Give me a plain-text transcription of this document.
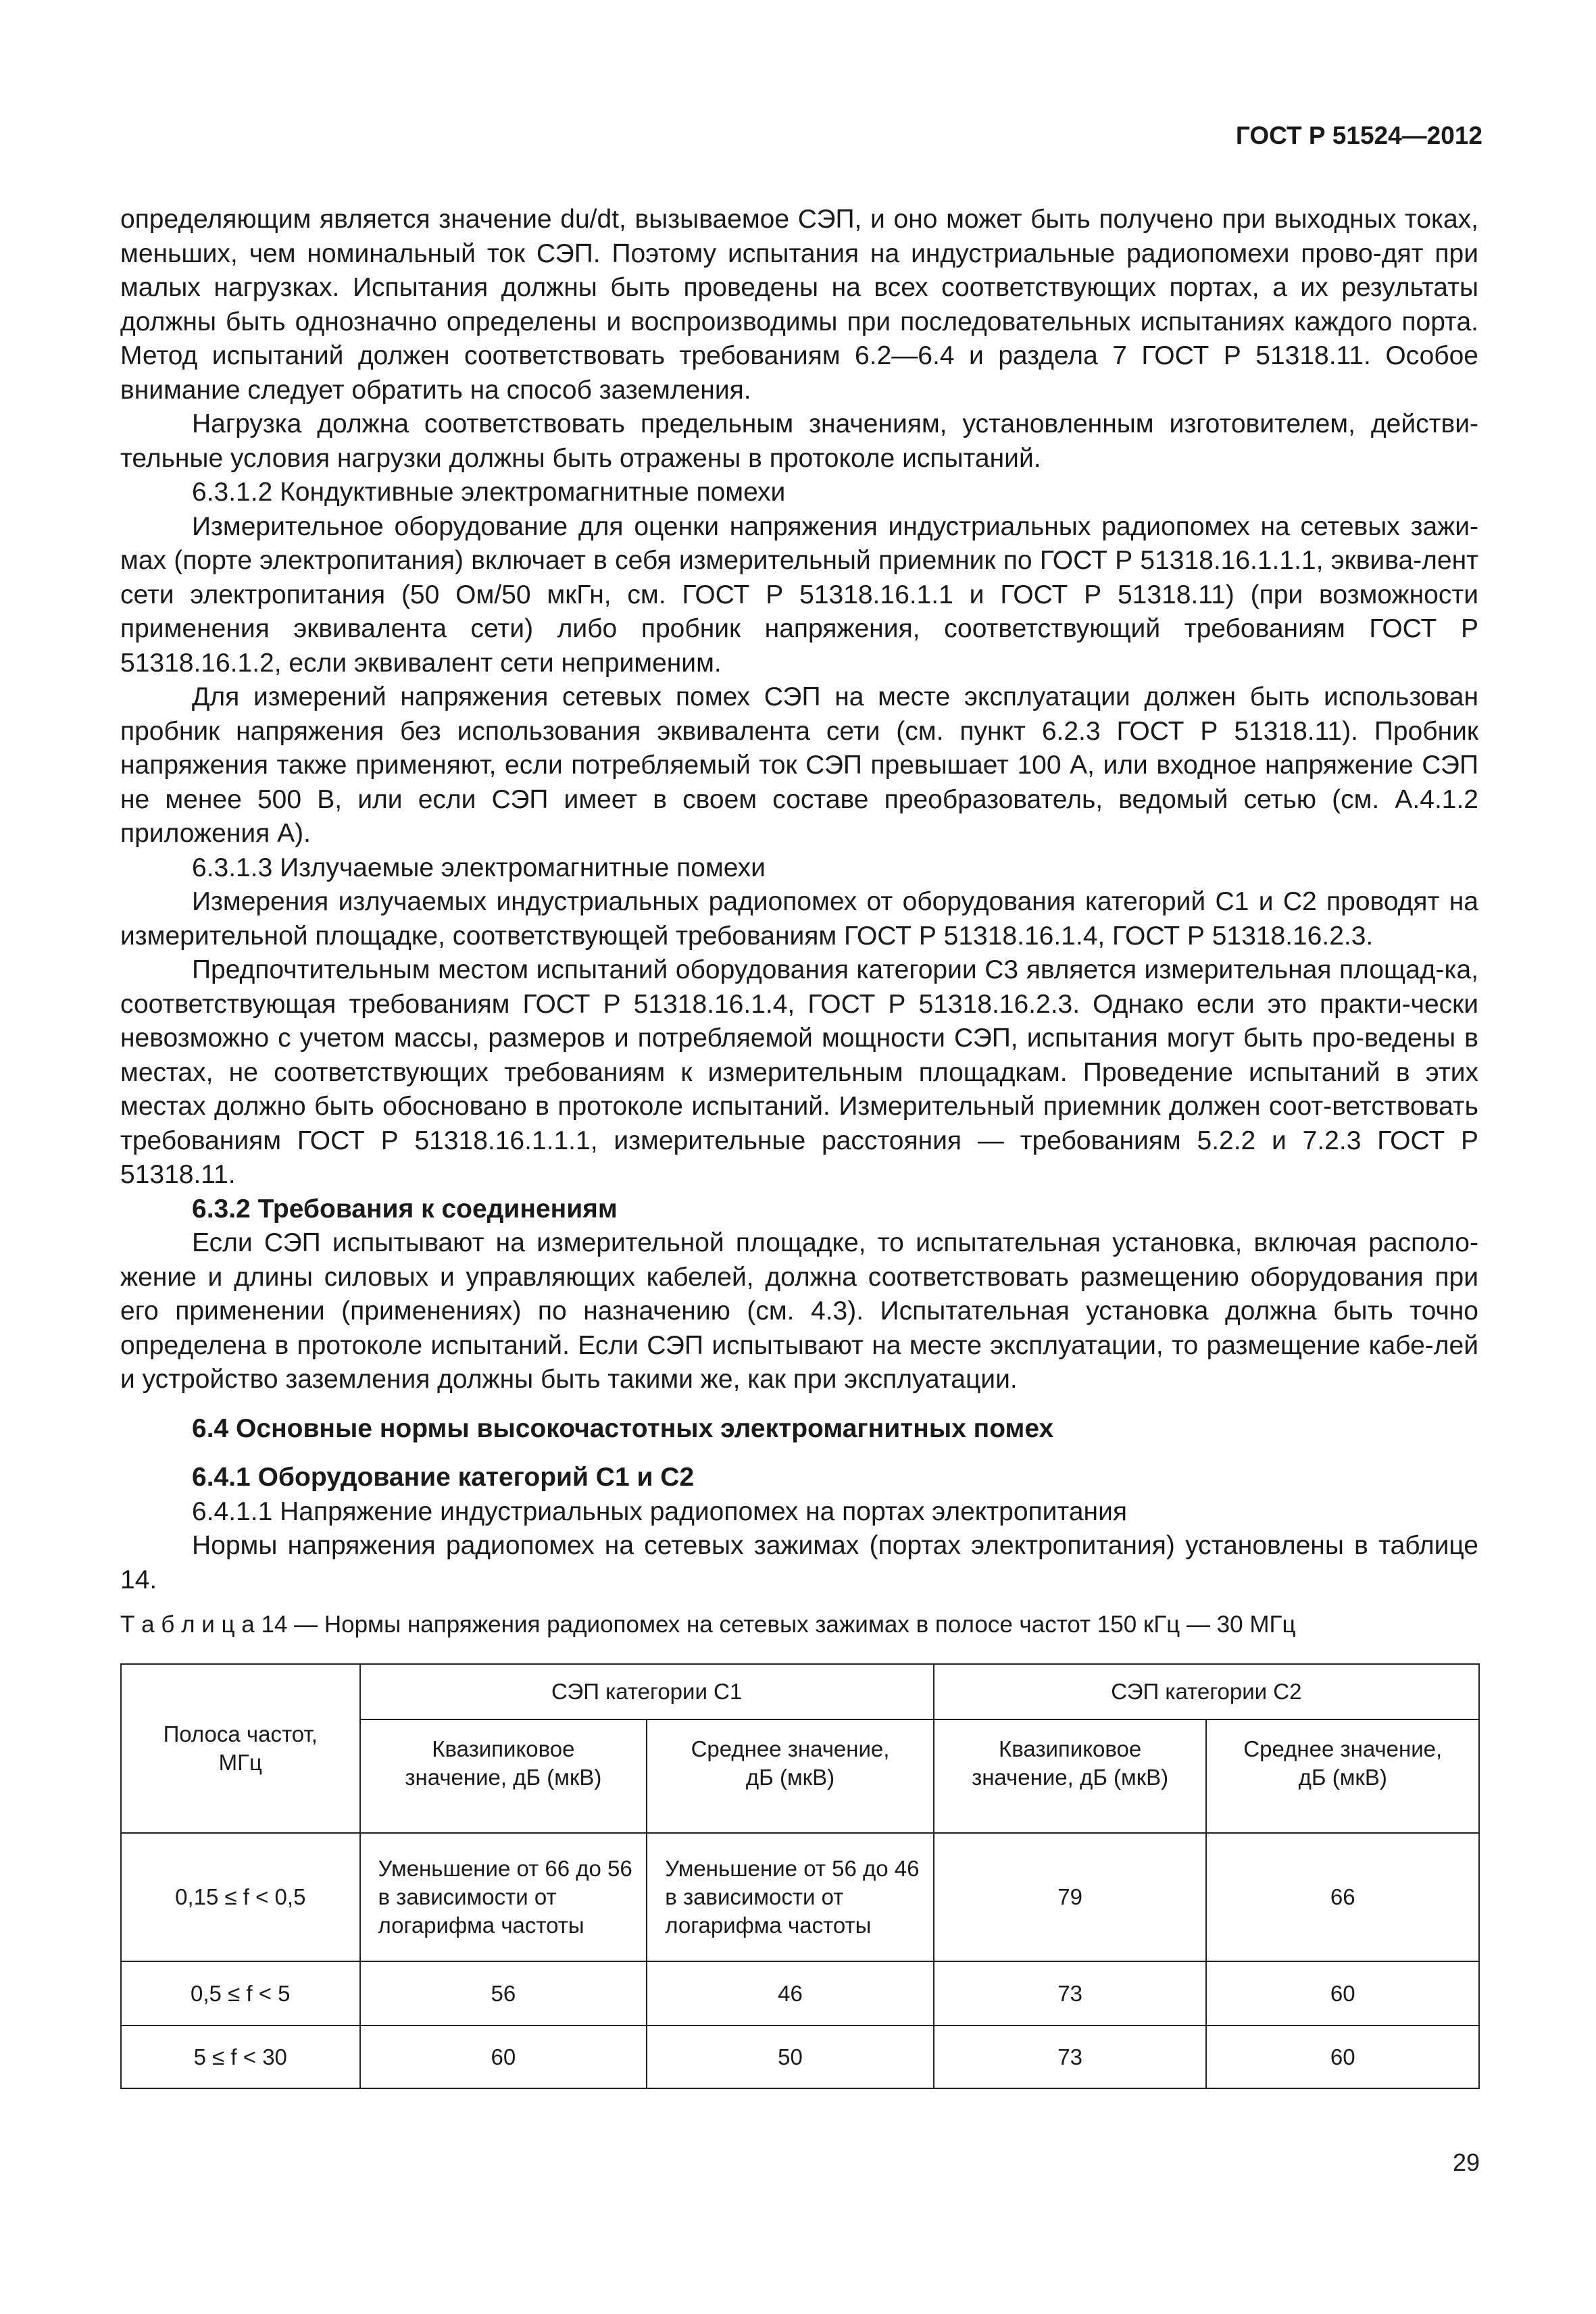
ГОСТ Р 51524—2012

определяющим являетcя значение du/dt, вызываемое СЭП, и оно может быть получено при выходных токах, меньших, чем номинальный ток СЭП. Поэтому испытания на индустриальные радиопомехи прово-дят при малых нагрузках. Испытания должны быть проведены на всех соответствующих портах, а их результаты должны быть однозначно определены и воспроизводимы при последовательных испытаниях каждого порта. Метод испытаний должен соответствовать требованиям 6.2—6.4 и раздела 7 ГОСТ Р 51318.11. Особое внимание следует обратить на способ заземления.

Нагрузка должна соответствовать предельным значениям, установленным изготовителем, действи-тельные условия нагрузки должны быть отражены в протоколе испытаний.

6.3.1.2 Кондуктивные электромагнитные помехи

Измерительное оборудование для оценки напряжения индустриальных радиопомех на сетевых зажи-мах (порте электропитания) включает в себя измерительный приемник по ГОСТ Р 51318.16.1.1.1, эквива-лент сети электропитания (50 Ом/50 мкГн, см. ГОСТ Р 51318.16.1.1 и ГОСТ Р 51318.11) (при возможности применения эквивалента сети) либо пробник напряжения, соответствующий требованиям ГОСТ Р 51318.16.1.2, если эквивалент сети неприменим.

Для измерений напряжения сетевых помех СЭП на месте эксплуатации должен быть использован пробник напряжения без использования эквивалента сети (см. пункт 6.2.3 ГОСТ Р 51318.11). Пробник напряжения также применяют, если потребляемый ток СЭП превышает 100 А, или входное напряжение СЭП не менее 500 В, или если СЭП имеет в своем составе преобразователь, ведомый сетью (см. А.4.1.2 приложения А).

6.3.1.3 Излучаемые электромагнитные помехи

Измерения излучаемых индустриальных радиопомех от оборудования категорий С1 и С2 проводят на измерительной площадке, соответствующей требованиям ГОСТ Р 51318.16.1.4, ГОСТ Р 51318.16.2.3.

Предпочтительным местом испытаний оборудования категории С3 является измерительная площад-ка, соответствующая требованиям ГОСТ Р 51318.16.1.4, ГОСТ Р 51318.16.2.3. Однако если это практи-чески невозможно с учетом массы, размеров и потребляемой мощности СЭП, испытания могут быть про-ведены в местах, не соответствующих требованиям к измерительным площадкам. Проведение испытаний в этих местах должно быть обосновано в протоколе испытаний. Измерительный приемник должен соот-ветствовать требованиям ГОСТ Р 51318.16.1.1.1, измерительные расстояния — требованиям 5.2.2 и 7.2.3 ГОСТ Р 51318.11.

6.3.2 Требования к соединениям

Если СЭП испытывают на измерительной площадке, то испытательная установка, включая располо-жение и длины силовых и управляющих кабелей, должна соответствовать размещению оборудования при его применении (применениях) по назначению (см. 4.3). Испытательная установка должна быть точно определена в протоколе испытаний. Если СЭП испытывают на месте эксплуатации, то размещение кабе-лей и устройство заземления должны быть такими же, как при эксплуатации.

6.4 Основные нормы высокочастотных электромагнитных помех

6.4.1 Оборудование категорий С1 и С2

6.4.1.1 Напряжение индустриальных радиопомех на портах электропитания

Нормы напряжения радиопомех на сетевых зажимах (портах электропитания) установлены в таблице 14.

Т а б л и ц а 14 — Нормы напряжения радиопомех на сетевых зажимах в полосе частот 150 кГц — 30 МГц
Полоса частот, МГц	СЭП категории С1		СЭП категории С2	
	Квазипиковое значение, дБ (мкВ)	Среднее значение, дБ (мкВ)	Квазипиковое значение, дБ (мкВ)	Среднее значение, дБ (мкВ)
0,15 ≤ f < 0,5	Уменьшение от 66 до 56 в зависимости от логарифма частоты	Уменьшение от 56 до 46 в зависимости от логарифма частоты	79	66
0,5 ≤ f < 5	56	46	73	60
5 ≤ f < 30	60	50	73	60
29
